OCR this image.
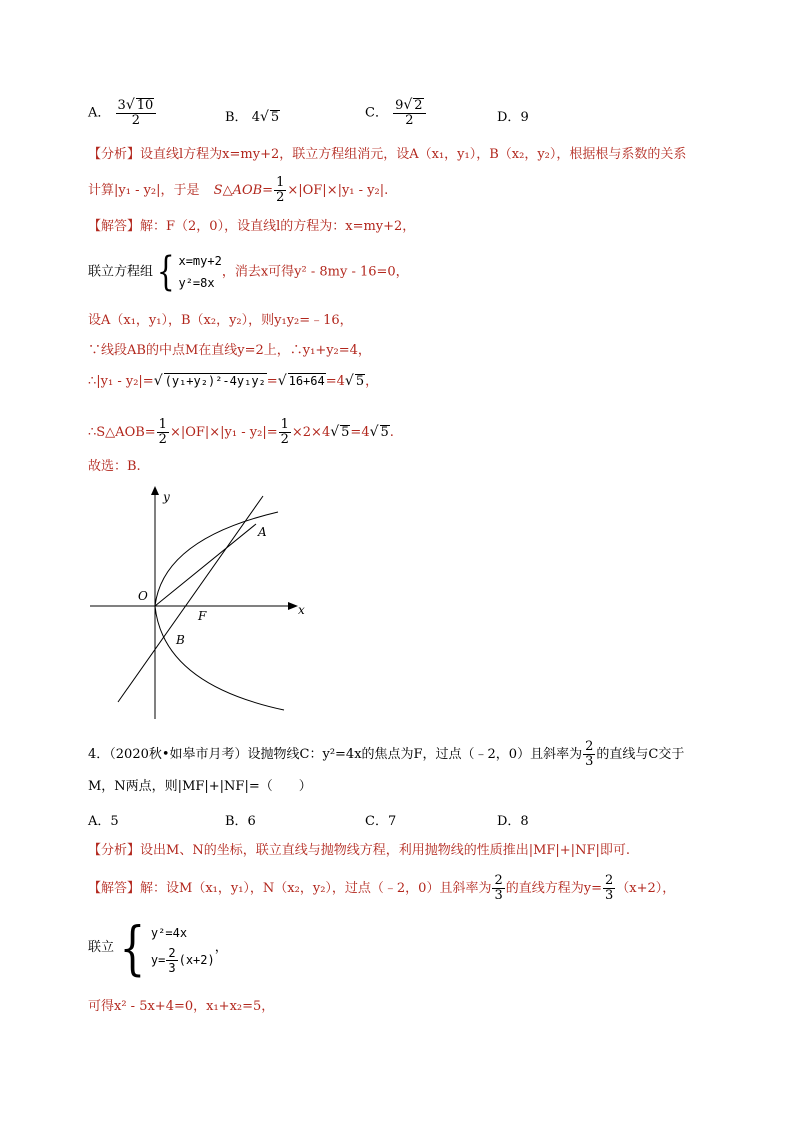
A． $\frac{3√ 10}{2}$	B． 4√ 5	C． $\frac{9√ 2}{2}$	D．9
【分析】设直线l方程为x=my+2，联立方程组消元，设A（x₁，y₁），B（x₂，y₂），根据根与系数的关系
计算|y₁ - y₂|，于是 S△AOB= $\frac{1}{2} \times|OF|\times|y_1 - y_2|$.
【解答】解：F（2，0），设直线l的方程为：x=my+2，
联立方程组{ x=my+2
y²=8x
，消去x可得y² - 8my - 16=0，
设A（x₁，y₁），B（x₂，y₂），则y₁y₂=﹣16，
∵线段AB的中点M在直线y=2上，∴y₁+y₂=4，
∴|y₁ - y₂|=√ (y₁+y₂)²-4y₁y₂=√ 16+64=4√ 5，
∴S△AOB= $\frac{1}{2} \times|OF|\times|y_1 - y_2|= \frac{1}{2} \times 2\times 4√$ 5=4√ 5.
故选：B.
y
x
O
F
A
B
4．（2020秋•如皋市月考）设抛物线C：y²=4x的焦点为F，过点（﹣2，0）且斜率为 $\frac{2}{3}$ 的直线与C交于
M，N两点，则|MF|+|NF|=（　　）
A．5	B．6	C．7	D．8
【分析】设出M、N的坐标，联立直线与抛物线方程，利用抛物线的性质推出|MF|+|NF|即可.
【解答】解：设M（x₁，y₁），N（x₂，y₂），过点（﹣2，0）且斜率为 $\frac{2}{3}$ 的直线方程为$y= \frac{2}{3} (x+2)$，
联立{ y²=4x
$y= \frac{2}{3} (x+2)$
，
可得x² - 5x+4=0，x₁+x₂=5，
